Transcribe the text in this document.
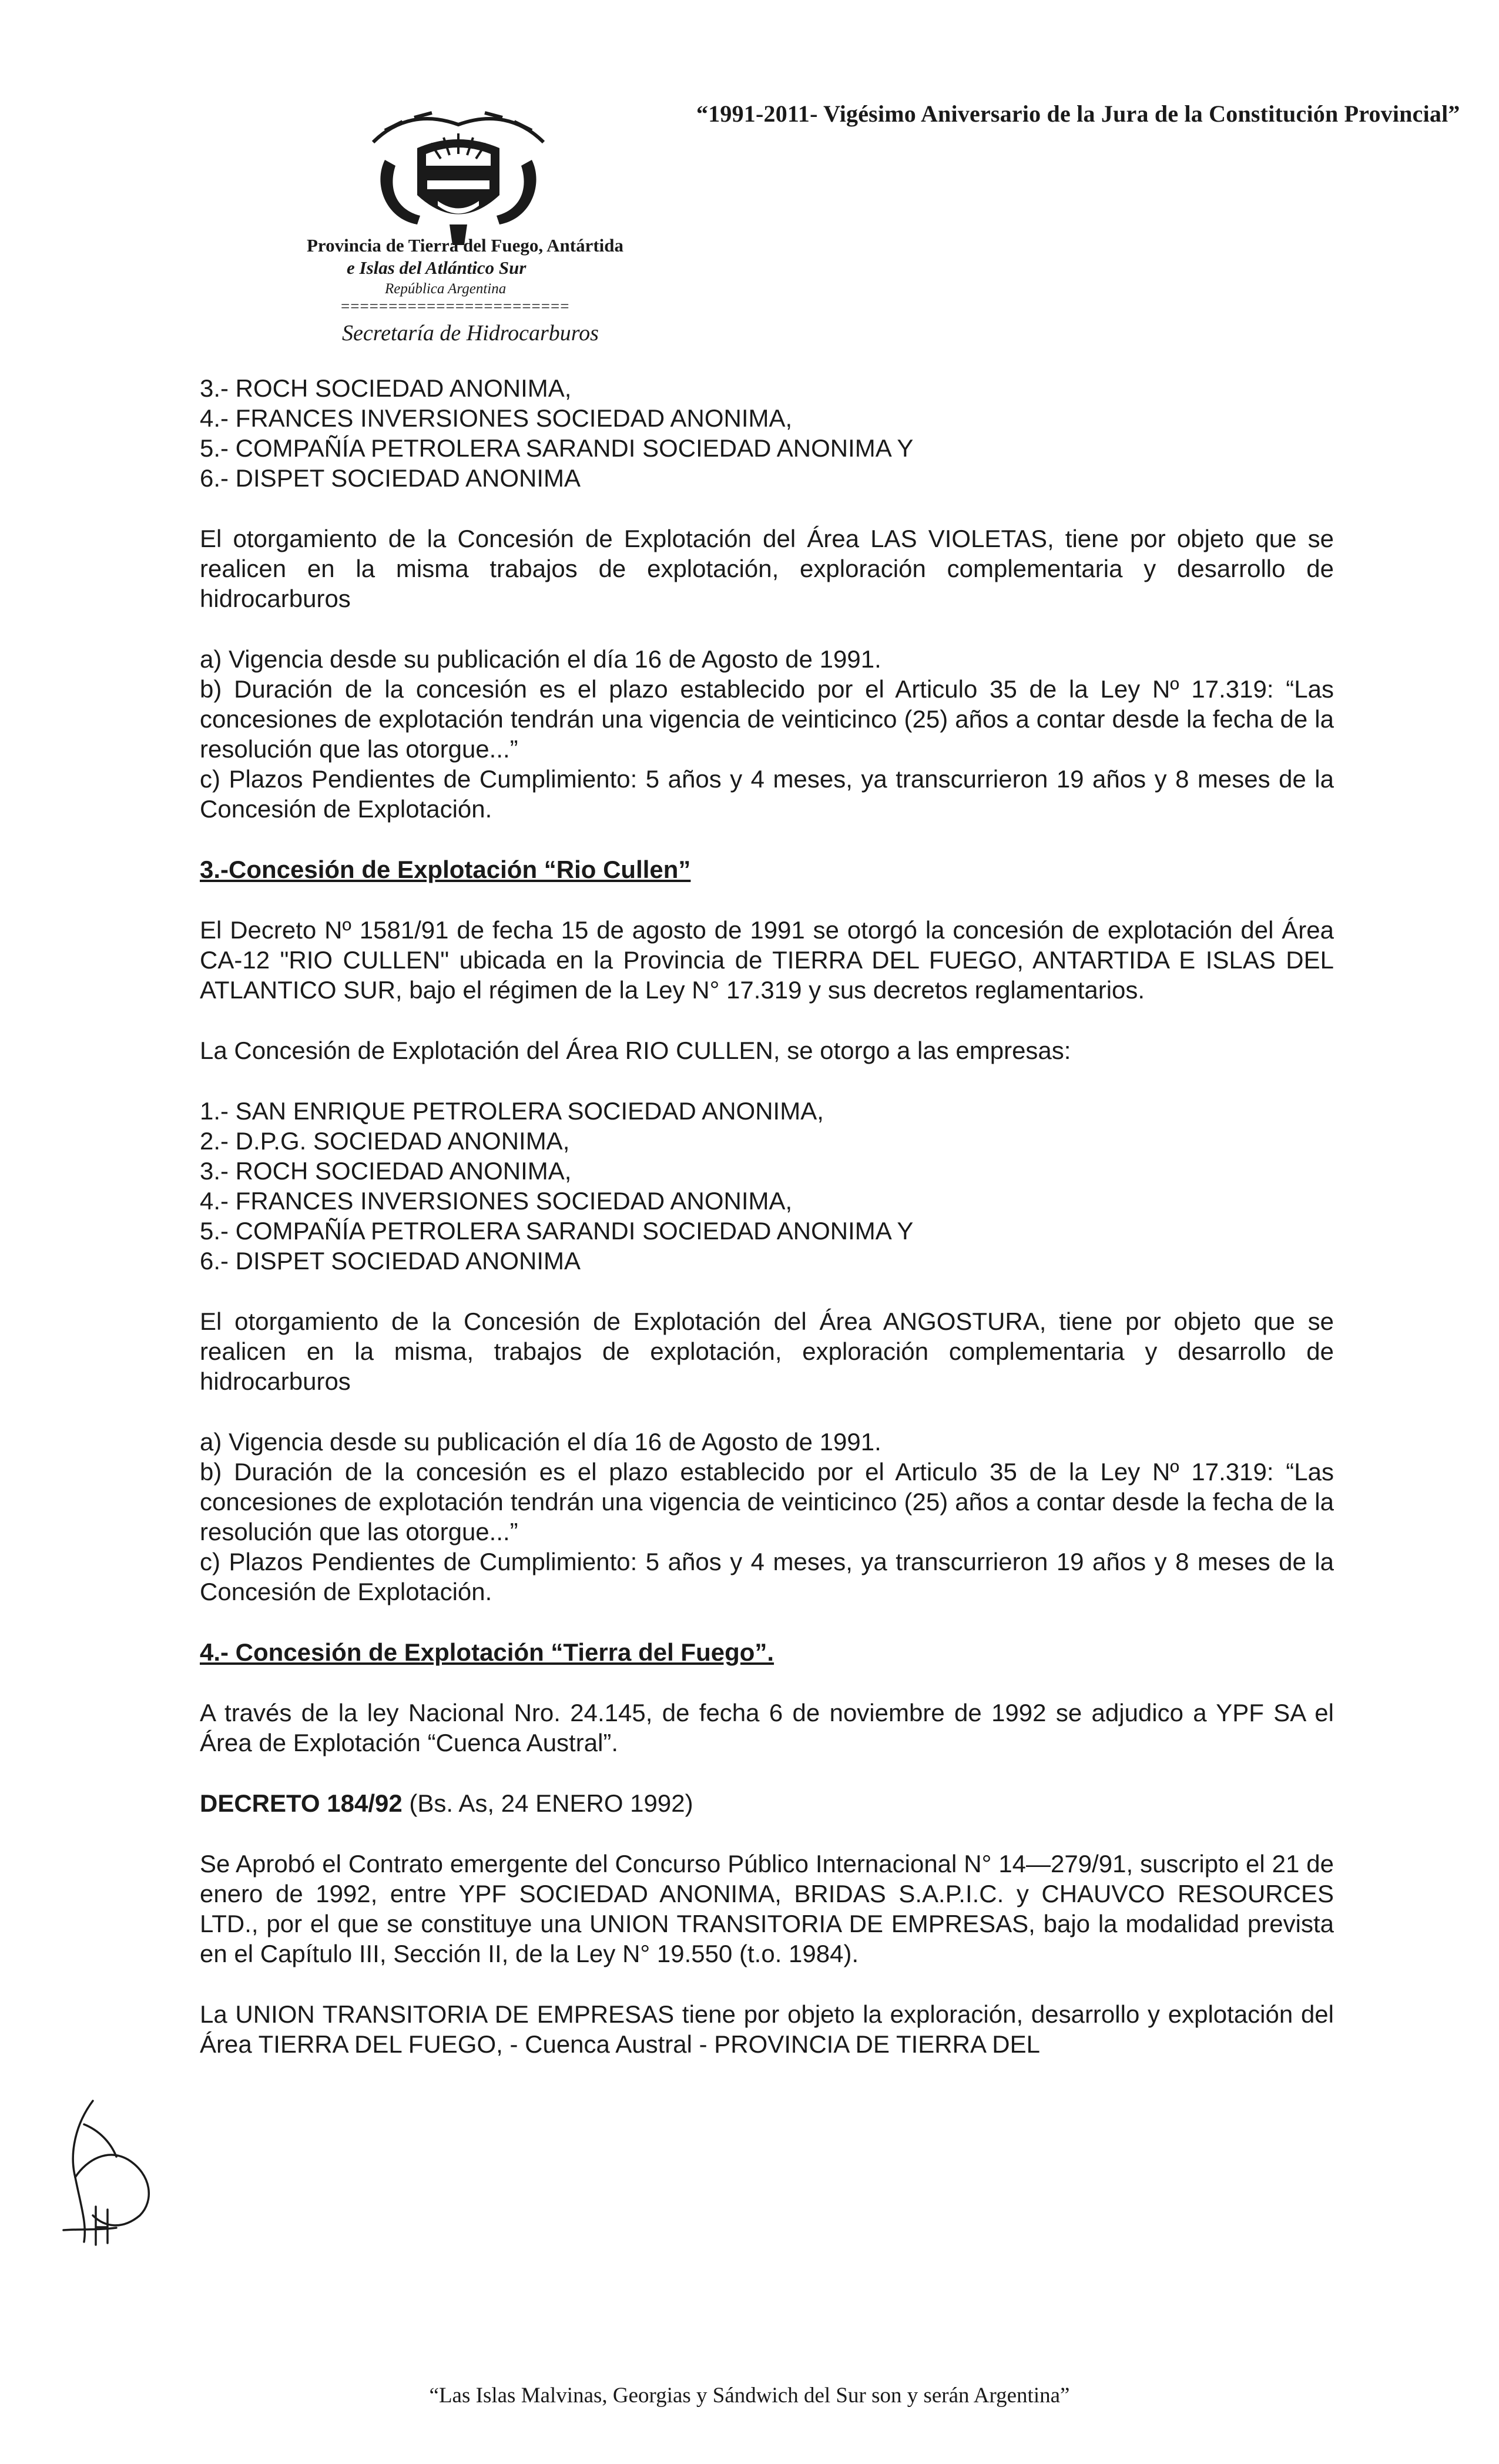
“1991-2011- Vigésimo Aniversario de la Jura de la Constitución Provincial”
Provincia de Tierra del Fuego, Antártida
e Islas del Atlántico Sur
República Argentina
========================
Secretaría de Hidrocarburos
3.- ROCH SOCIEDAD ANONIMA,
4.- FRANCES INVERSIONES SOCIEDAD ANONIMA,
5.- COMPAÑÍA PETROLERA SARANDI SOCIEDAD ANONIMA Y
6.- DISPET SOCIEDAD ANONIMA

El otorgamiento de la Concesión de Explotación del Área LAS VIOLETAS, tiene por objeto que se realicen en la misma trabajos de explotación, exploración complementaria y desarrollo de hidrocarburos

a) Vigencia desde su publicación el día 16 de Agosto de 1991.

b) Duración de la concesión es el plazo establecido por el Articulo 35 de la Ley Nº 17.319: “Las concesiones de explotación tendrán una vigencia de veinticinco (25) años a contar desde la fecha de la resolución que las otorgue...”

c) Plazos Pendientes de Cumplimiento: 5 años y 4 meses, ya transcurrieron 19 años y 8 meses de la Concesión de Explotación.

3.-Concesión de Explotación “Rio Cullen”

El Decreto Nº 1581/91 de fecha 15 de agosto de 1991 se otorgó la concesión de explotación del Área CA-12 "RIO CULLEN" ubicada en la Provincia de TIERRA DEL FUEGO, ANTARTIDA E ISLAS DEL ATLANTICO SUR, bajo el régimen de la Ley N° 17.319 y sus decretos reglamentarios.

La Concesión de Explotación del Área RIO CULLEN, se otorgo a las empresas:

1.- SAN ENRIQUE PETROLERA SOCIEDAD ANONIMA,
2.- D.P.G. SOCIEDAD ANONIMA,
3.- ROCH SOCIEDAD ANONIMA,
4.- FRANCES INVERSIONES SOCIEDAD ANONIMA,
5.- COMPAÑÍA PETROLERA SARANDI SOCIEDAD ANONIMA Y
6.- DISPET SOCIEDAD ANONIMA

El otorgamiento de la Concesión de Explotación del Área ANGOSTURA, tiene por objeto que se realicen en la misma, trabajos de explotación, exploración complementaria y desarrollo de hidrocarburos

a) Vigencia desde su publicación el día 16 de Agosto de 1991.

b) Duración de la concesión es el plazo establecido por el Articulo 35 de la Ley Nº 17.319: “Las concesiones de explotación tendrán una vigencia de veinticinco (25) años a contar desde la fecha de la resolución que las otorgue...”

c) Plazos Pendientes de Cumplimiento: 5 años y 4 meses, ya transcurrieron 19 años y 8 meses de la Concesión de Explotación.

4.- Concesión de Explotación “Tierra del Fuego”.

A través de la ley Nacional Nro. 24.145, de fecha 6 de noviembre de 1992 se adjudico a YPF SA el Área de Explotación “Cuenca Austral”.

DECRETO 184/92 (Bs. As, 24 ENERO 1992)

Se Aprobó el Contrato emergente del Concurso Público Internacional N° 14—279/91, suscripto el 21 de enero de 1992, entre YPF SOCIEDAD ANONIMA, BRIDAS S.A.P.I.C. y CHAUVCO RESOURCES LTD., por el que se constituye una UNION TRANSITORIA DE EMPRESAS, bajo la modalidad prevista en el Capítulo III, Sección II, de la Ley N° 19.550 (t.o. 1984).

La UNION TRANSITORIA DE EMPRESAS tiene por objeto la exploración, desarrollo y explotación del Área TIERRA DEL FUEGO, - Cuenca Austral - PROVINCIA DE TIERRA DEL

“Las Islas Malvinas, Georgias y Sándwich del Sur son y serán Argentina”
